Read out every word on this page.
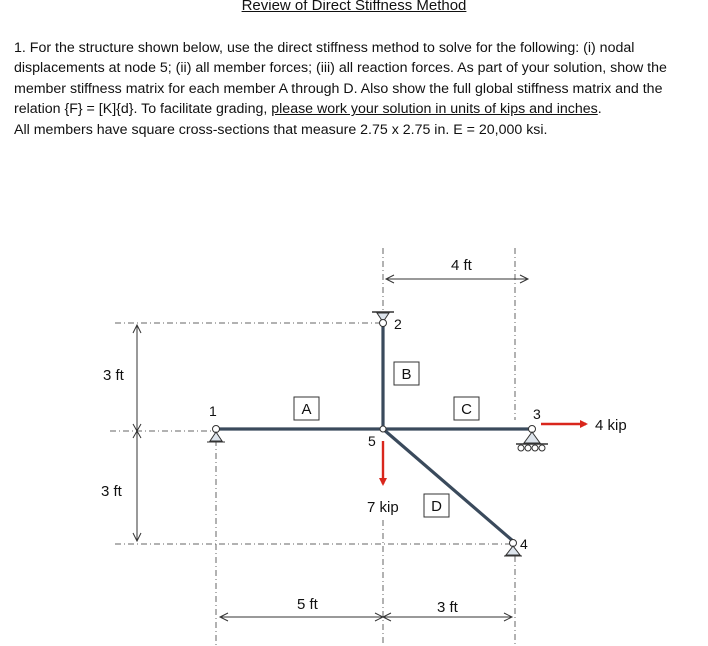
Review of Direct Stiffness Method
1. For the structure shown below, use the direct stiffness method to solve for the following: (i) nodal displacements at node 5; (ii) all member forces; (iii) all reaction forces. As part of your solution, show the member stiffness matrix for each member A through D. Also show the full global stiffness matrix and the relation {F} = [K]{d}. To facilitate grading, please work your solution in units of kips and inches.
All members have square cross-sections that measure 2.75 x 2.75 in. E = 20,000 ksi.
A
B
C
D
1
2
3
4
5
4 ft
3 ft
3 ft
5 ft	3 ft
4 kip
7 kip
